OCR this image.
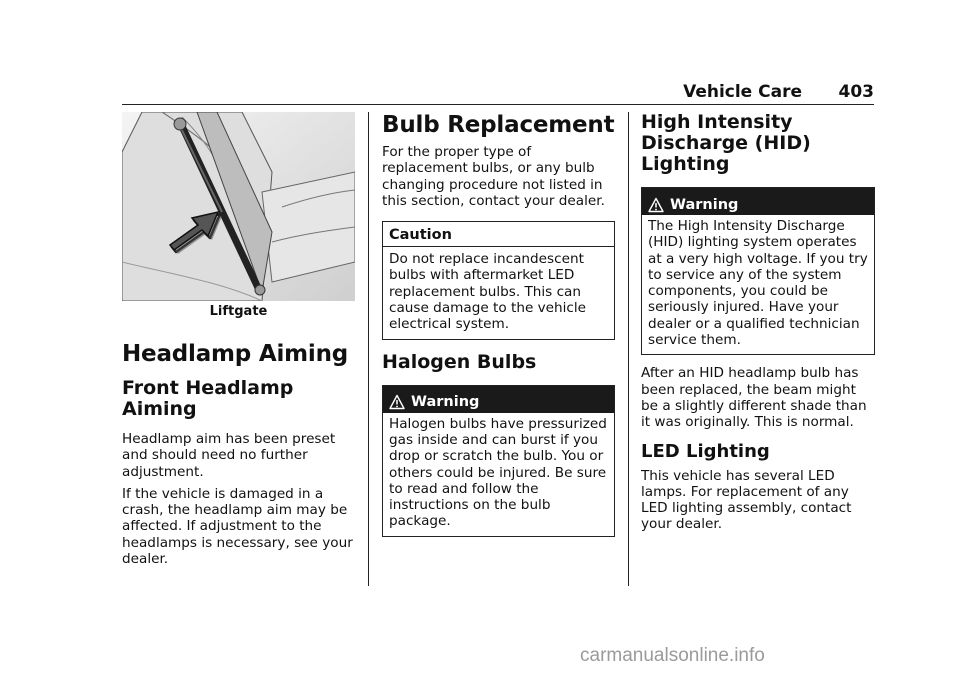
Vehicle Care 403
Liftgate
Headlamp Aiming
Front Headlamp Aiming

Headlamp aim has been preset and should need no further adjustment.

If the vehicle is damaged in a crash, the headlamp aim may be affected. If adjustment to the headlamps is necessary, see your dealer.

Bulb Replacement

For the proper type of replacement bulbs, or any bulb changing procedure not listed in this section, contact your dealer.

Caution
Do not replace incandescent bulbs with aftermarket LED replacement bulbs. This can cause damage to the vehicle electrical system.
Halogen Bulbs
Warning
Halogen bulbs have pressurized gas inside and can burst if you drop or scratch the bulb. You or others could be injured. Be sure to read and follow the instructions on the bulb package.
High Intensity Discharge (HID) Lighting
Warning
The High Intensity Discharge (HID) lighting system operates at a very high voltage. If you try to service any of the system components, you could be seriously injured. Have your dealer or a qualified technician service them.

After an HID headlamp bulb has been replaced, the beam might be a slightly different shade than it was originally. This is normal.

LED Lighting

This vehicle has several LED lamps. For replacement of any LED lighting assembly, contact your dealer.

carmanualsonline.info
